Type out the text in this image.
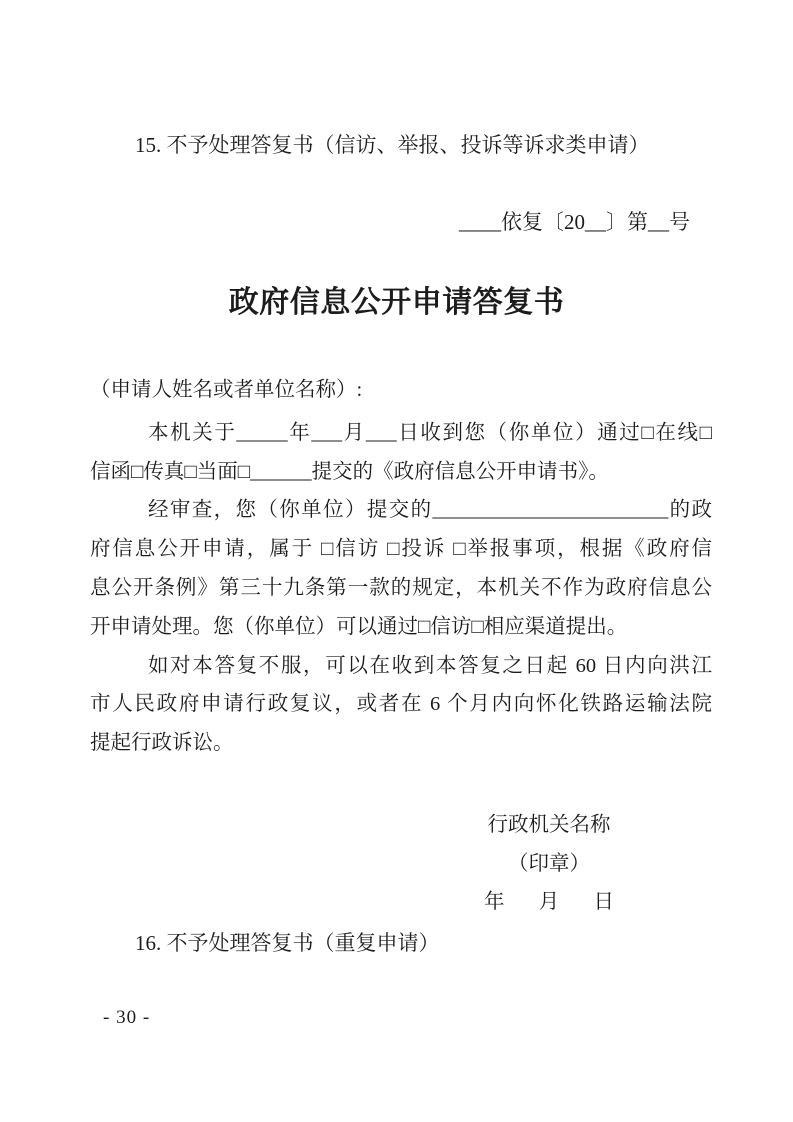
15. 不予处理答复书（信访、举报、投诉等诉求类申请）
____依复〔20__〕第__号
政府信息公开申请答复书
（申请人姓名或者单位名称）:
本机关于_____年___月___日收到您（你单位）通过□在线□
信函□传真□当面□______提交的《政府信息公开申请书》。
经审查，您（你单位）提交的_______________________的政
府信息公开申请，属于 □信访 □投诉 □举报事项，根据《政府信
息公开条例》第三十九条第一款的规定，本机关不作为政府信息公
开申请处理。您（你单位）可以通过□信访□相应渠道提出。
如对本答复不服，可以在收到本答复之日起 60 日内向洪江
市人民政府申请行政复议，或者在 6 个月内向怀化铁路运输法院
提起行政诉讼。
行政机关名称
（印章）
年　月　日
16. 不予处理答复书（重复申请）
- 30 -
